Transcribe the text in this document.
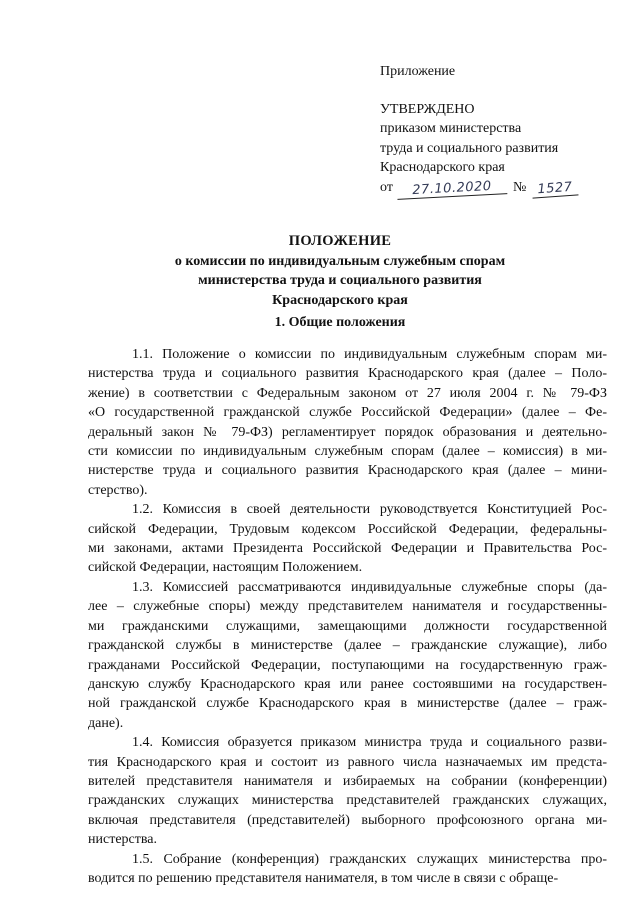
Приложение

УТВЕРЖДЕНО

приказом министерства

труда и социального развития

Краснодарского края

от	27.10.2020	№ 1527

ПОЛОЖЕНИЕ

о комиссии по индивидуальным служебным спорам

министерства труда и социального развития

Краснодарского края

1. Общие положения

1.1. Положение о комиссии по индивидуальным служебным спорам ми-
нистерства труда и социального развития Краснодарского края (далее – Поло-
жение) в соответствии с Федеральным законом от 27 июля 2004 г. № 79-ФЗ
«О государственной гражданской службе Российской Федерации» (далее – Фе-
деральный закон № 79-ФЗ) регламентирует порядок образования и деятельно-
сти комиссии по индивидуальным служебным спорам (далее – комиссия) в ми-
нистерстве труда и социального развития Краснодарского края (далее – мини-
стерство).
1.2. Комиссия в своей деятельности руководствуется Конституцией Рос-
сийской Федерации, Трудовым кодексом Российской Федерации, федеральны-
ми законами, актами Президента Российской Федерации и Правительства Рос-
сийской Федерации, настоящим Положением.
1.3. Комиссией рассматриваются индивидуальные служебные споры (да-
лее – служебные споры) между представителем нанимателя и государственны-
ми гражданскими служащими, замещающими должности государственной
гражданской службы в министерстве (далее – гражданские служащие), либо
гражданами Российской Федерации, поступающими на государственную граж-
данскую службу Краснодарского края или ранее состоявшими на государствен-
ной гражданской службе Краснодарского края в министерстве (далее – граж-
дане).
1.4. Комиссия образуется приказом министра труда и социального разви-
тия Краснодарского края и состоит из равного числа назначаемых им предста-
вителей представителя нанимателя и избираемых на собрании (конференции)
гражданских служащих министерства представителей гражданских служащих,
включая представителя (представителей) выборного профсоюзного органа ми-
нистерства.
1.5. Собрание (конференция) гражданских служащих министерства про-
водится по решению представителя нанимателя, в том числе в связи с обраще-
